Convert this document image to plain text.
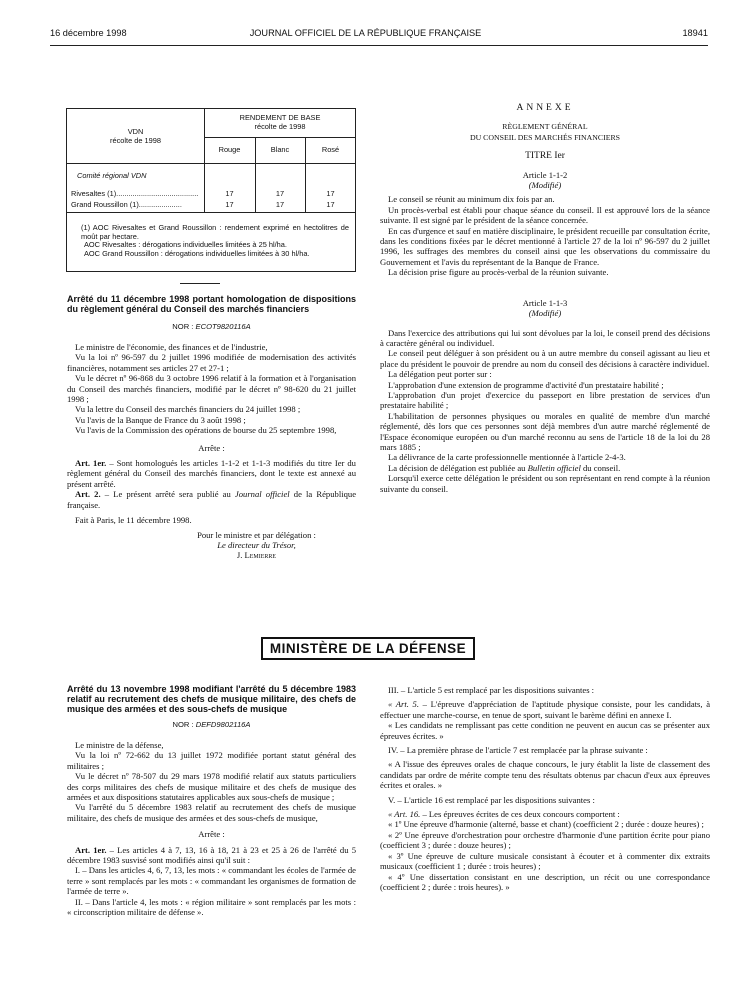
16 décembre 1998	JOURNAL OFFICIEL DE LA RÉPUBLIQUE FRANÇAISE	18941
VDN
récolte de 1998
RENDEMENT DE BASE
récolte de 1998
Rouge	Blanc	Rosé
Comité régional VDN
Rivesaltes (1)........................................	17	17	17
Grand Roussillon (1).....................	17	17	17
(1) AOC Rivesaltes et Grand Roussillon : rendement exprimé en hectolitres de moût par hectare.
AOC Rivesaltes : dérogations individuelles limitées à 25 hl/ha.
AOC Grand Roussillon : dérogations individuelles limitées à 30 hl/ha.

Arrêté du 11 décembre 1998 portant homologation de dispositions du règlement général du Conseil des marchés financiers

NOR : ECOT9820116A

Le ministre de l'économie, des finances et de l'industrie,

Vu la loi nº 96-597 du 2 juillet 1996 modifiée de modernisation des activités financières, notamment ses articles 27 et 27-1 ;

Vu le décret nº 96-868 du 3 octobre 1996 relatif à la formation et à l'organisation du Conseil des marchés financiers, modifié par le décret nº 98-620 du 21 juillet 1998 ;

Vu la lettre du Conseil des marchés financiers du 24 juillet 1998 ;

Vu l'avis de la Banque de France du 3 août 1998 ;

Vu l'avis de la Commission des opérations de bourse du 25 septembre 1998,

Arrête :

Art. 1er. – Sont homologués les articles 1-1-2 et 1-1-3 modifiés du titre Ier du règlement général du Conseil des marchés financiers, dont le texte est annexé au présent arrêté.

Art. 2. – Le présent arrêté sera publié au Journal officiel de la République française.

Fait à Paris, le 11 décembre 1998.

Pour le ministre et par délégation :

Le directeur du Trésor,

J. Lemierre

ANNEXE

RÈGLEMENT GÉNÉRAL

DU CONSEIL DES MARCHÉS FINANCIERS

TITRE Ier

Article 1-1-2

(Modifié)

Le conseil se réunit au minimum dix fois par an.

Un procès-verbal est établi pour chaque séance du conseil. Il est approuvé lors de la séance suivante. Il est signé par le président de la séance concernée.

En cas d'urgence et sauf en matière disciplinaire, le président recueille par consultation écrite, dans les conditions fixées par le décret mentionné à l'article 27 de la loi nº 96-597 du 2 juillet 1996, les suffrages des membres du conseil ainsi que les observations du commissaire du Gouvernement et l'avis du représentant de la Banque de France.

La décision prise figure au procès-verbal de la réunion suivante.

Article 1-1-3

(Modifié)

Dans l'exercice des attributions qui lui sont dévolues par la loi, le conseil prend des décisions à caractère général ou individuel.

Le conseil peut déléguer à son président ou à un autre membre du conseil agissant au lieu et place du président le pouvoir de prendre au nom du conseil des décisions à caractère individuel.

La délégation peut porter sur :

L'approbation d'une extension de programme d'activité d'un prestataire habilité ;

L'approbation d'un projet d'exercice du passeport en libre prestation de services d'un prestataire habilité ;

L'habilitation de personnes physiques ou morales en qualité de membre d'un marché réglementé, dès lors que ces personnes sont déjà membres d'un autre marché réglementé de l'Espace économique européen ou d'un marché reconnu au sens de l'article 18 de la loi du 28 mars 1885 ;

La délivrance de la carte professionnelle mentionnée à l'article 2-4-3.

La décision de délégation est publiée au Bulletin officiel du conseil.

Lorsqu'il exerce cette délégation le président ou son représentant en rend compte à la réunion suivante du conseil.

MINISTÈRE DE LA DÉFENSE

Arrêté du 13 novembre 1998 modifiant l'arrêté du 5 décembre 1983 relatif au recrutement des chefs de musique militaire, des chefs de musique des armées et des sous-chefs de musique

NOR : DEFD9802116A

Le ministre de la défense,

Vu la loi nº 72-662 du 13 juillet 1972 modifiée portant statut général des militaires ;

Vu le décret nº 78-507 du 29 mars 1978 modifié relatif aux statuts particuliers des corps militaires des chefs de musique militaire et des chefs de musique des armées et aux dispositions statutaires applicables aux sous-chefs de musique ;

Vu l'arrêté du 5 décembre 1983 relatif au recrutement des chefs de musique militaire, des chefs de musique des armées et des sous-chefs de musique,

Arrête :

Art. 1er. – Les articles 4 à 7, 13, 16 à 18, 21 à 23 et 25 à 26 de l'arrêté du 5 décembre 1983 susvisé sont modifiés ainsi qu'il suit :

I. – Dans les articles 4, 6, 7, 13, les mots : « commandant les écoles de l'armée de terre » sont remplacés par les mots : « commandant les organismes de formation de l'armée de terre ».

II. – Dans l'article 4, les mots : « région militaire » sont remplacés par les mots : « circonscription militaire de défense ».

III. – L'article 5 est remplacé par les dispositions suivantes :

« Art. 5. – L'épreuve d'appréciation de l'aptitude physique consiste, pour les candidats, à effectuer une marche-course, en tenue de sport, suivant le barème défini en annexe I.

« Les candidats ne remplissant pas cette condition ne peuvent en aucun cas se présenter aux épreuves écrites. »

IV. – La première phrase de l'article 7 est remplacée par la phrase suivante :

« A l'issue des épreuves orales de chaque concours, le jury établit la liste de classement des candidats par ordre de mérite compte tenu des résultats obtenus par chacun d'eux aux épreuves écrites et orales. »

V. – L'article 16 est remplacé par les dispositions suivantes :

« Art. 16. – Les épreuves écrites de ces deux concours comportent :

« 1º Une épreuve d'harmonie (alterné, basse et chant) (coefficient 2 ; durée : douze heures) ;

« 2º Une épreuve d'orchestration pour orchestre d'harmonie d'une partition écrite pour piano (coefficient 3 ; durée : douze heures) ;

« 3º Une épreuve de culture musicale consistant à écouter et à commenter dix extraits musicaux (coefficient 1 ; durée : trois heures) ;

« 4º Une dissertation consistant en une description, un récit ou une correspondance (coefficient 2 ; durée : trois heures). »
